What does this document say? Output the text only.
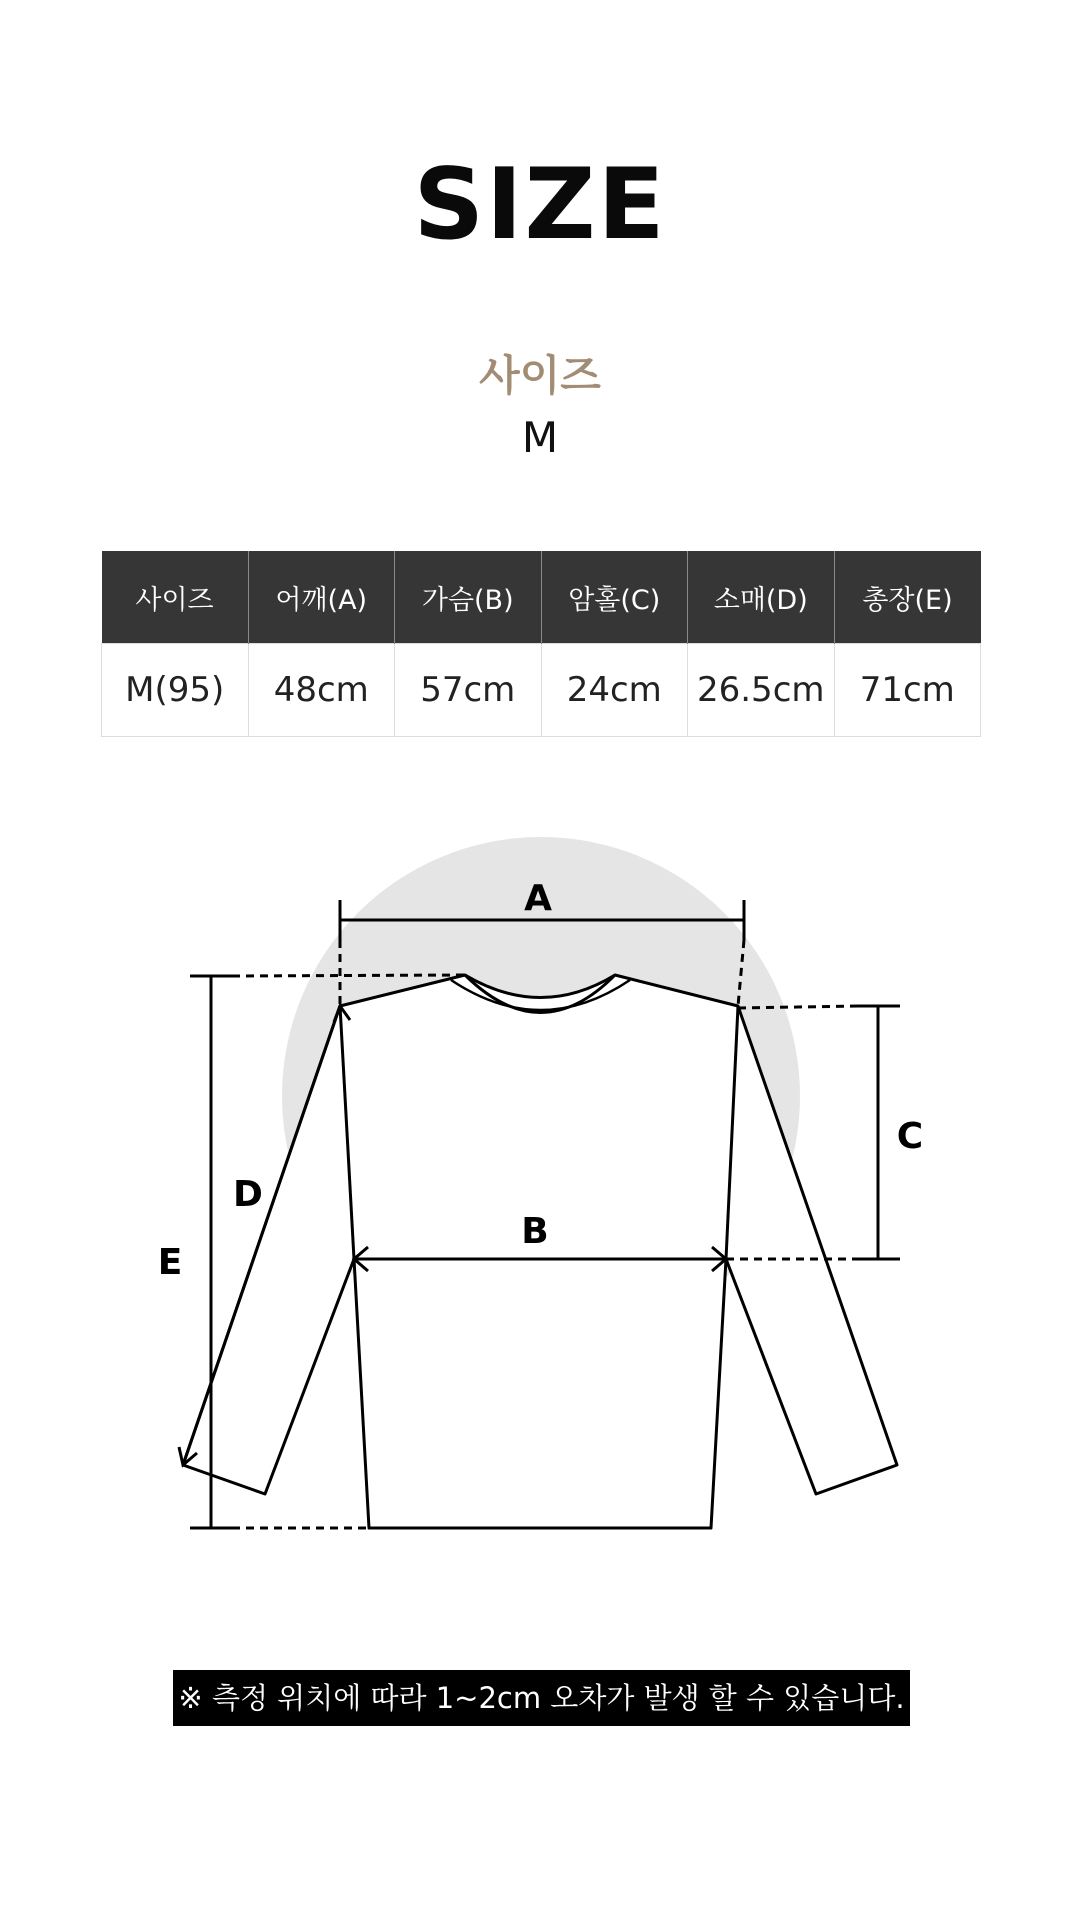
SIZE
사이즈
M
사이즈	어깨(A)	가슴(B)	암홀(C)	소매(D)	총장(E)
M(95)	48cm	57cm	24cm	26.5cm	71cm
A
B
C
D
E
※ 측정 위치에 따라 1~2cm 오차가 발생 할 수 있습니다.
